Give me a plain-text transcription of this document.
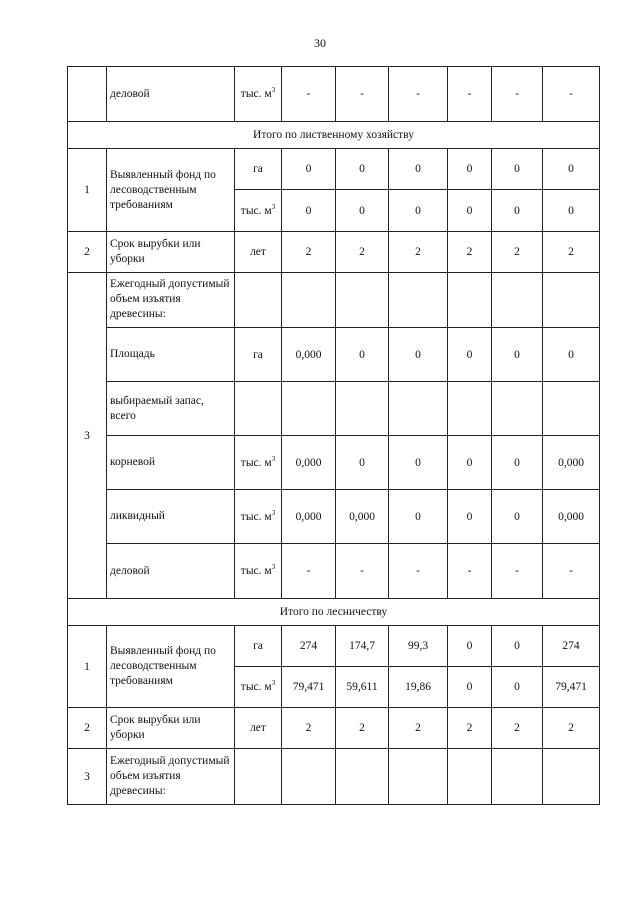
30
	деловой	тыс. $м^3$	-	-	-	-	-	-
Итого по лиственному хозяйству								
1	Выявленный фонд по лесоводственным требованиям	га	0	0	0	0	0	0
		тыс. $м^3$	0	0	0	0	0	0
2	Срок вырубки или уборки	лет	2	2	2	2	2	2
3	Ежегодный допустимый объем изъятия древесины:							
	Площадь	га	0,000	0	0	0	0	0
	выбираемый запас, всего							
	корневой	тыс. $м^3$	0,000	0	0	0	0	0,000
	ликвидный	тыс. $м^3$	0,000	0,000	0	0	0	0,000
	деловой	тыс. $м^3$	-	-	-	-	-	-
Итого по лесничеству								
1	Выявленный фонд по лесоводственным требованиям	га	274	174,7	99,3	0	0	274
		тыс. $м^3$	79,471	59,611	19,86	0	0	79,471
2	Срок вырубки или уборки	лет	2	2	2	2	2	2
3	Ежегодный допустимый объем изъятия древесины:							
